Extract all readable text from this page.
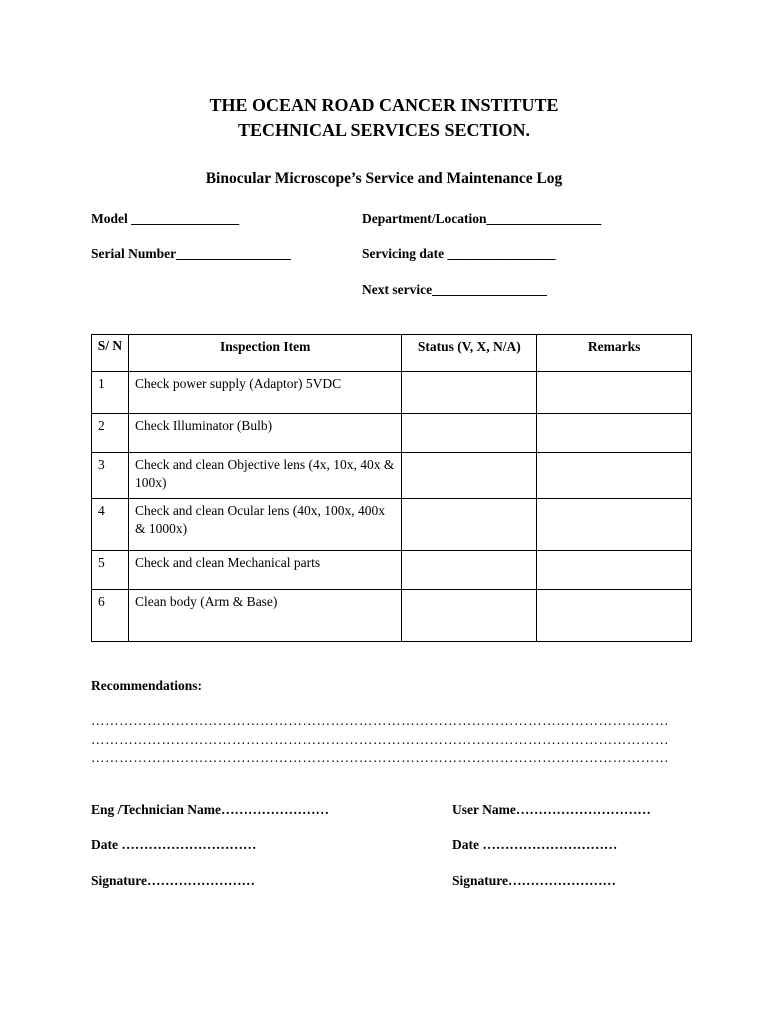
THE OCEAN ROAD CANCER INSTITUTE
TECHNICAL SERVICES SECTION.
Binocular Microscope’s Service and Maintenance Log
Model ________________	Department/Location_________________
Serial Number_________________	Servicing date ________________
Next service_________________
S/ N	Inspection Item	Status (V, X, N/A)	Remarks
1	Check power supply (Adaptor) 5VDC		
2	Check Illuminator (Bulb)		
3	Check and clean Objective lens (4x, 10x, 40x & 100x)		
4	Check and clean Ocular lens (40x, 100x, 400x & 1000x)		
5	Check and clean Mechanical parts		
6	Clean body (Arm & Base)		
Recommendations:
……………………………………………………………………………………………………………
……………………………………………………………………………………………………………
……………………………………………………………………………………………………………
Eng /Technician Name……………………	User Name…………………………
Date …………………………	Date …………………………
Signature……………………	Signature……………………
